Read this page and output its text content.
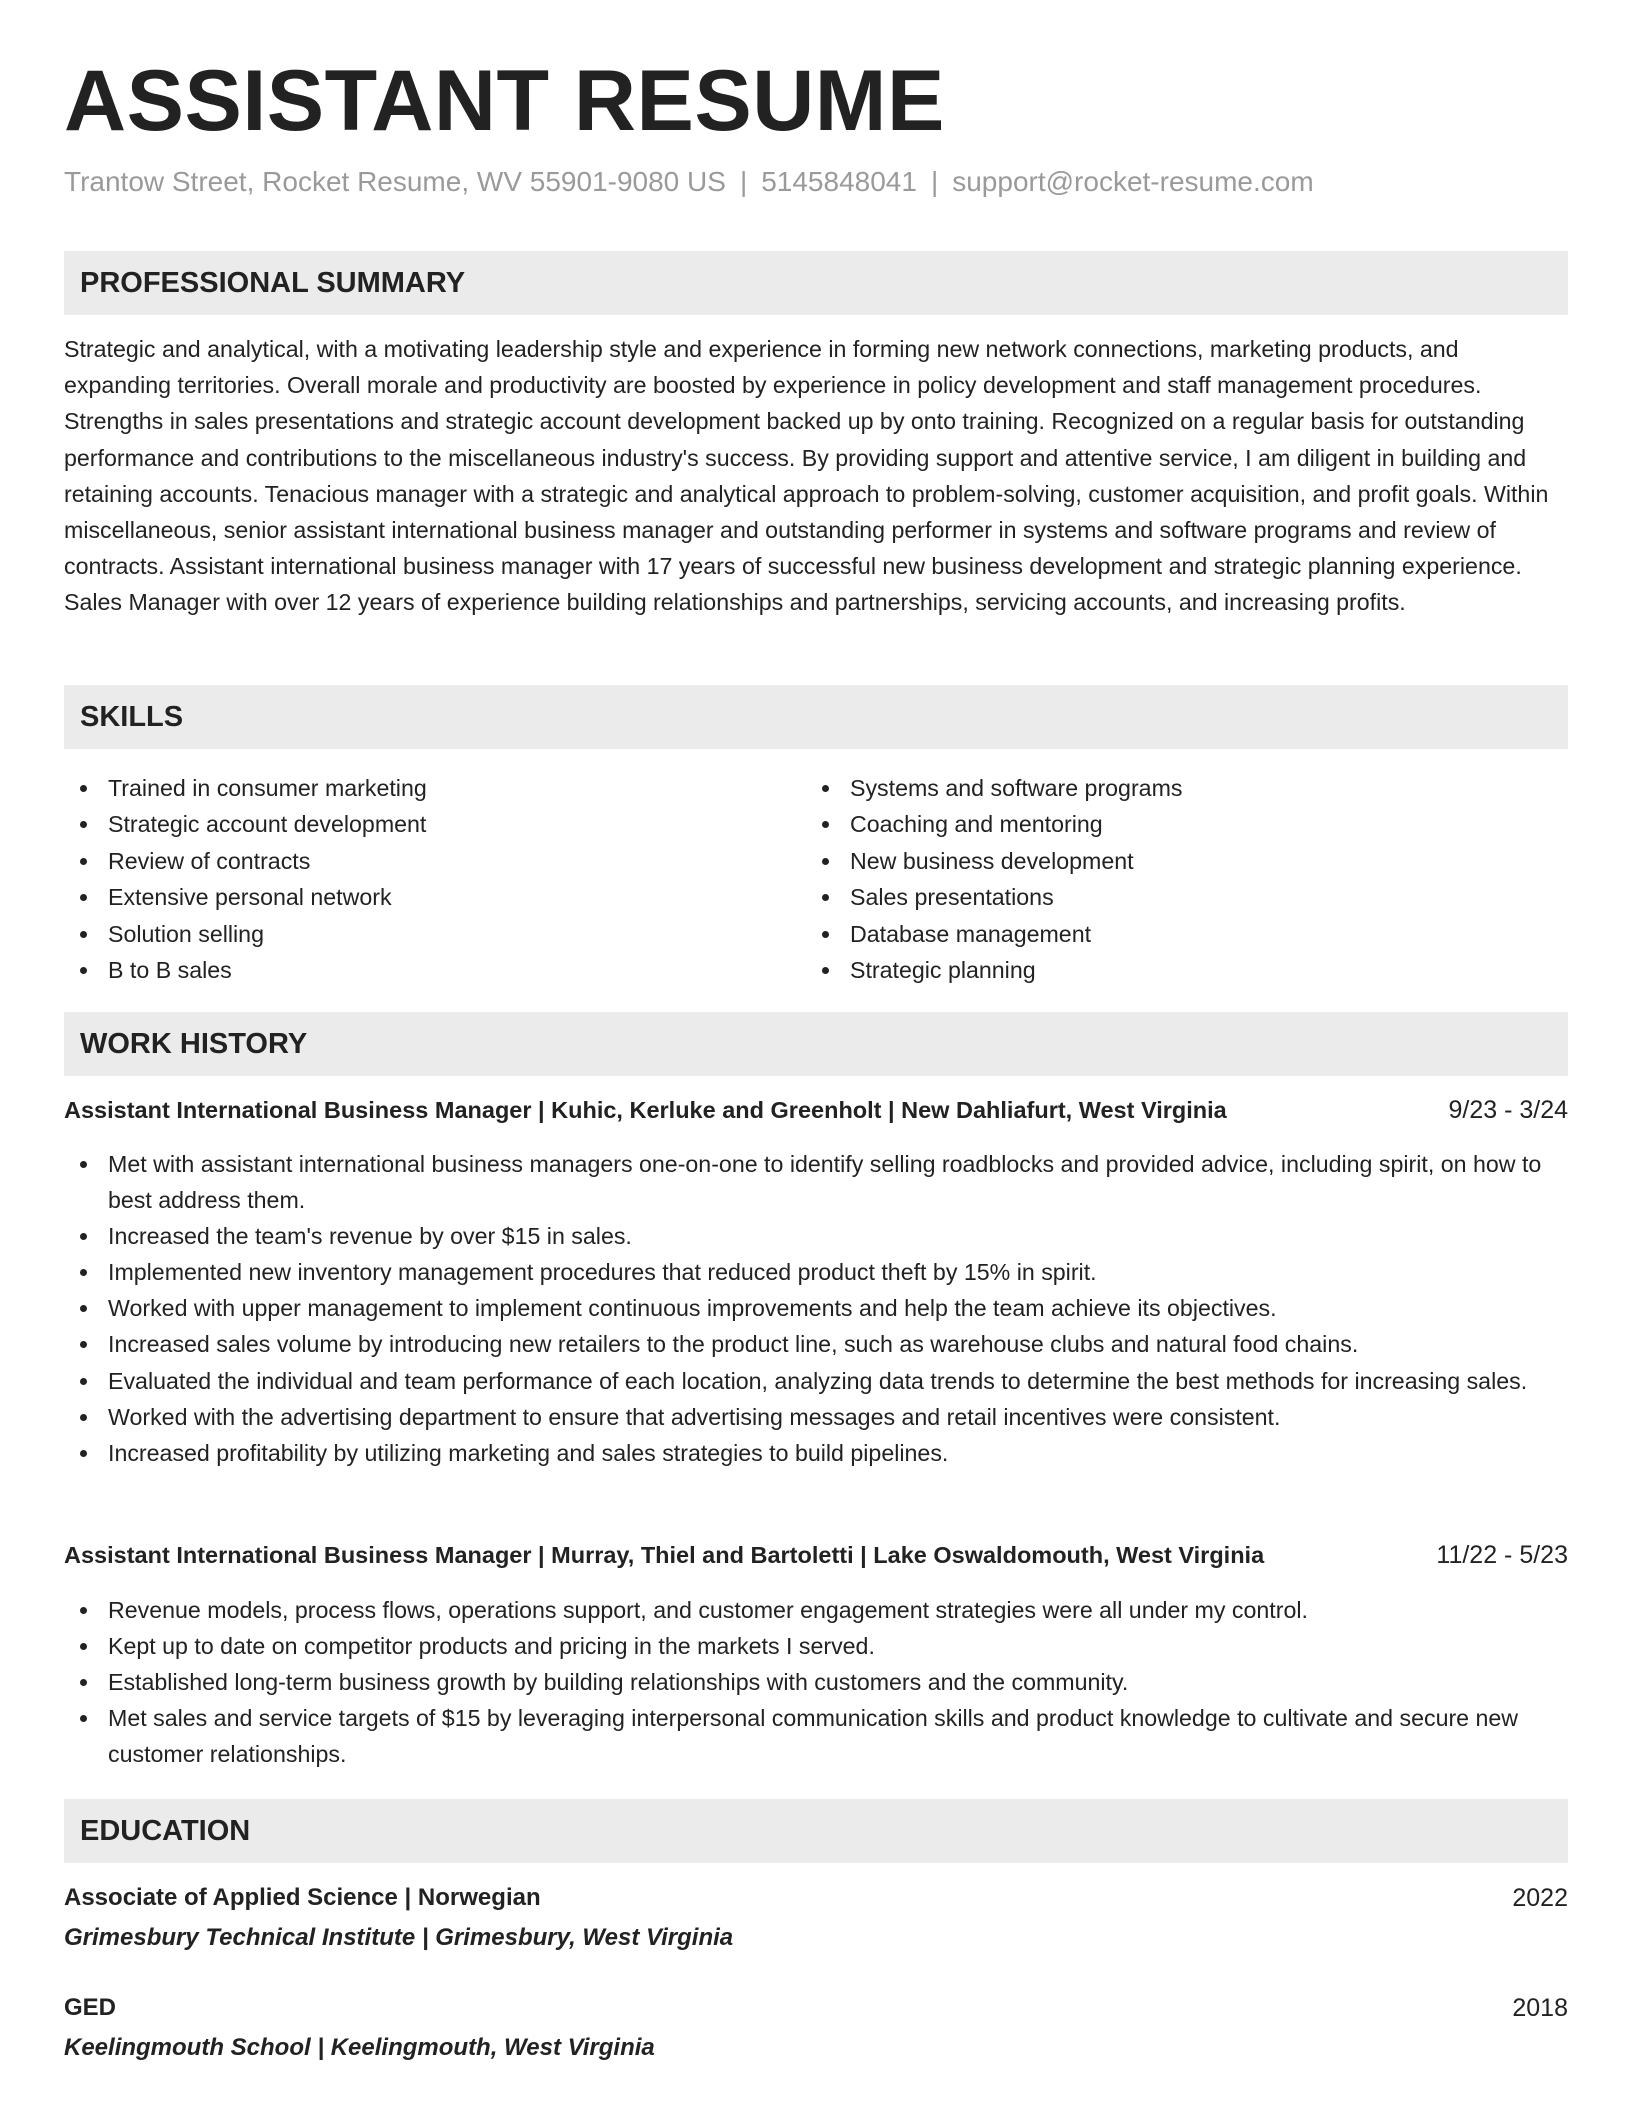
ASSISTANT RESUME
Trantow Street, Rocket Resume, WV 55901-9080 US | 5145848041 | support@rocket-resume.com
PROFESSIONAL SUMMARY

Strategic and analytical, with a motivating leadership style and experience in forming new network connections, marketing products, and expanding territories. Overall morale and productivity are boosted by experience in policy development and staff management procedures. Strengths in sales presentations and strategic account development backed up by onto training. Recognized on a regular basis for outstanding performance and contributions to the miscellaneous industry's success. By providing support and attentive service, I am diligent in building and retaining accounts. Tenacious manager with a strategic and analytical approach to problem-solving, customer acquisition, and profit goals. Within miscellaneous, senior assistant international business manager and outstanding performer in systems and software programs and review of contracts. Assistant international business manager with 17 years of successful new business development and strategic planning experience. Sales Manager with over 12 years of experience building relationships and partnerships, servicing accounts, and increasing profits.

SKILLS
Trained in consumer marketing
Strategic account development
Review of contracts
Extensive personal network
Solution selling
B to B sales
Systems and software programs
Coaching and mentoring
New business development
Sales presentations
Database management
Strategic planning
WORK HISTORY
Assistant International Business Manager | Kuhic, Kerluke and Greenholt | New Dahliafurt, West Virginia	9/23 - 3/24
Met with assistant international business managers one-on-one to identify selling roadblocks and provided advice, including spirit, on how to best address them.
Increased the team's revenue by over $15 in sales.
Implemented new inventory management procedures that reduced product theft by 15% in spirit.
Worked with upper management to implement continuous improvements and help the team achieve its objectives.
Increased sales volume by introducing new retailers to the product line, such as warehouse clubs and natural food chains.
Evaluated the individual and team performance of each location, analyzing data trends to determine the best methods for increasing sales.
Worked with the advertising department to ensure that advertising messages and retail incentives were consistent.
Increased profitability by utilizing marketing and sales strategies to build pipelines.
Assistant International Business Manager | Murray, Thiel and Bartoletti | Lake Oswaldomouth, West Virginia	11/22 - 5/23
Revenue models, process flows, operations support, and customer engagement strategies were all under my control.
Kept up to date on competitor products and pricing in the markets I served.
Established long-term business growth by building relationships with customers and the community.
Met sales and service targets of $15 by leveraging interpersonal communication skills and product knowledge to cultivate and secure new customer relationships.
EDUCATION
Associate of Applied Science | Norwegian	2022
Grimesbury Technical Institute | Grimesbury, West Virginia
GED	2018
Keelingmouth School | Keelingmouth, West Virginia
